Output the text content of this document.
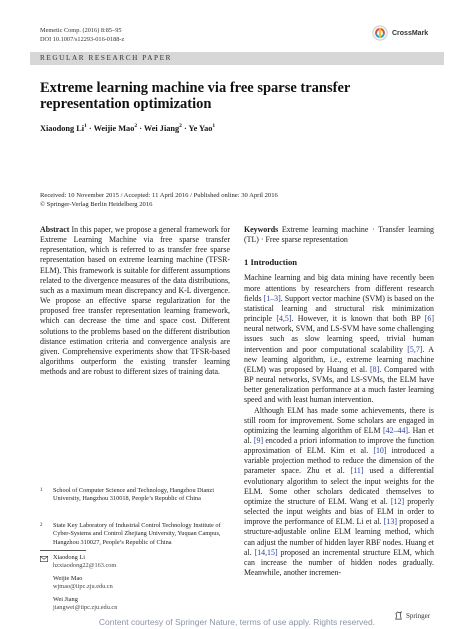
Memetic Comp. (2016) 8:85–95
DOI 10.1007/s12293-016-0188-z
CrossMark
REGULAR RESEARCH PAPER
Extreme learning machine via free sparse transfer representation optimization
Xiaodong $Li^1$ · Weijie Mao$^2$ · Wei Jiang$^2$ · Ye Yao$^1$
Received: 10 November 2015 / Accepted: 11 April 2016 / Published online: 30 April 2016
© Springer-Verlag Berlin Heidelberg 2016
Abstract In this paper, we propose a general framework for Extreme Learning Machine via free sparse transfer representation, which is referred to as transfer free sparse representation based on extreme learning machine (TFSR-ELM). This framework is suitable for different assumptions related to the divergence measures of the data distributions, such as a maximum mean discrepancy and K-L divergence. We propose an effective sparse regularization for the proposed free transfer representation learning framework, which can decrease the time and space cost. Different solutions to the problems based on the different distribution distance estimation criteria and convergence analysis are given. Comprehensive experiments show that TFSR-based algorithms outperform the existing transfer learning methods and are robust to different sizes of training data.
Keywords Extreme learning machine · Transfer learning (TL) · Free sparse representation
1 Introduction
Machine learning and big data mining have recently been more attentions by researchers from different research fields [1–3]. Support vector machine (SVM) is based on the statistical learning and structural risk minimization principle [4,5]. However, it is known that both BP [6] neural network, SVM, and LS-SVM have some challenging issues such as slow learning speed, trivial human intervention and poor computational scalability [5,7]. A new learning algorithm, i.e., extreme learning machine (ELM) was proposed by Huang et al. [8]. Compared with BP neural networks, SVMs, and LS-SVMs, the ELM have better generalization performance at a much faster learning speed and with least human intervention.
Although ELM has made some achievements, there is still room for improvement. Some scholars are engaged in optimizing the learning algorithm of ELM [42–44]. Han et al. [9] encoded a priori information to improve the function approximation of ELM. Kim et al. [10] introduced a variable projection method to reduce the dimension of the parameter space. Zhu et al. [11] used a differential evolutionary algorithm to select the input weights for the ELM. Some other scholars dedicated themselves to optimize the structure of ELM. Wang et al. [12] properly selected the input weights and bias of ELM in order to improve the performance of ELM. Li et al. [13] proposed a structure-adjustable online ELM learning method, which can adjust the number of hidden layer RBF nodes. Huang et al. [14,15] proposed an incremental structure ELM, which can increase the number of hidden nodes gradually. Meanwhile, another incremen-
Xiaodong Li
hzxiaodong22@163.com
Weijie Mao
wjmao@iipc.zju.edu.cn
Wei Jiang
jiangwei@iipc.zju.edu.cn
1 School of Computer Science and Technology, Hangzhou Dianzi University, Hangzhou 310018, People’s Republic of China
2 State Key Laboratory of Industrial Control Technology Institute of Cyber-Systems and Control Zhejiang University, Yuquan Campus, Hangzhou 310027, People’s Republic of China
Springer
Content courtesy of Springer Nature, terms of use apply. Rights reserved.
